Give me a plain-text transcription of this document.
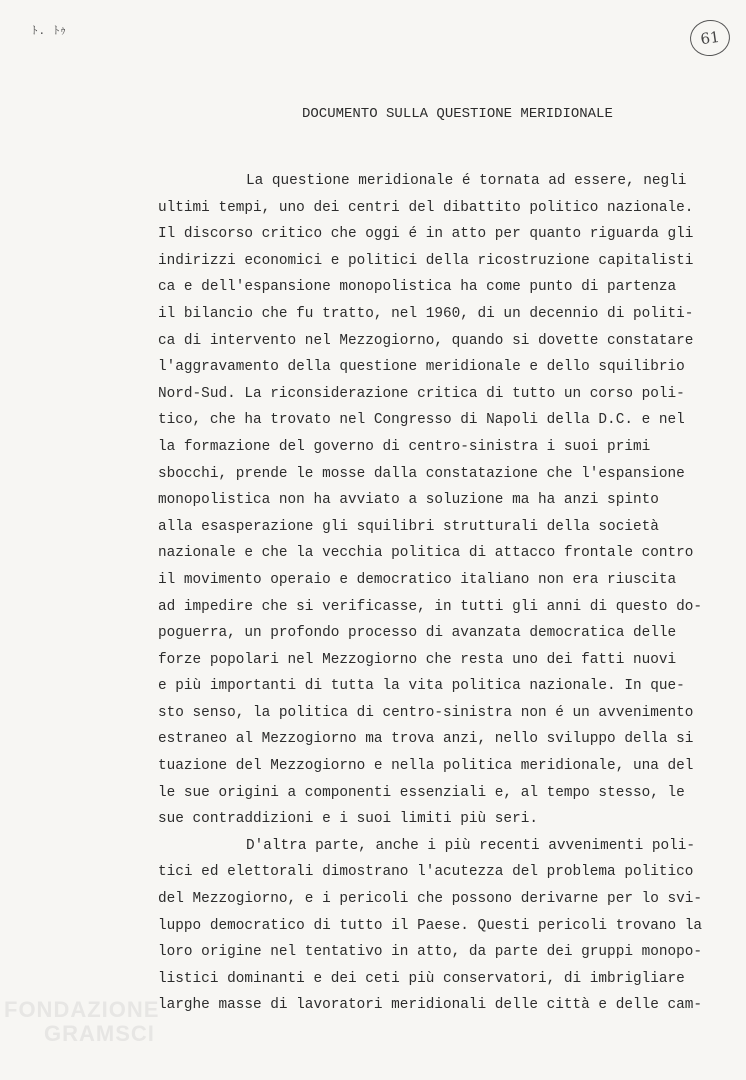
ﾄ. ﾄｩ	61
DOCUMENTO SULLA QUESTIONE MERIDIONALE
La questione meridionale é tornata ad essere, negli
ultimi tempi, uno dei centri del dibattito politico nazionale.
Il discorso critico che oggi é in atto per quanto riguarda gli
indirizzi economici e politici della ricostruzione capitalisti
ca e dell'espansione monopolistica ha come punto di partenza
il bilancio che fu tratto, nel 1960, di un decennio di politi-
ca di intervento nel Mezzogiorno, quando si dovette constatare
l'aggravamento della questione meridionale e dello squilibrio
Nord-Sud. La riconsiderazione critica di tutto un corso poli-
tico, che ha trovato nel Congresso di Napoli della D.C. e nel
la formazione del governo di centro-sinistra i suoi primi
sbocchi, prende le mosse dalla constatazione che l'espansione
monopolistica non ha avviato a soluzione ma ha anzi spinto
alla esasperazione gli squilibri strutturali della società
nazionale e che la vecchia politica di attacco frontale contro
il movimento operaio e democratico italiano non era riuscita
ad impedire che si verificasse, in tutti gli anni di questo do-
poguerra, un profondo processo di avanzata democratica delle
forze popolari nel Mezzogiorno che resta uno dei fatti nuovi
e più importanti di tutta la vita politica nazionale. In que-
sto senso, la politica di centro-sinistra non é un avvenimento
estraneo al Mezzogiorno ma trova anzi, nello sviluppo della si
tuazione del Mezzogiorno e nella politica meridionale, una del
le sue origini a componenti essenziali e, al tempo stesso, le
sue contraddizioni e i suoi limiti più seri.
D'altra parte, anche i più recenti avvenimenti poli-
tici ed elettorali dimostrano l'acutezza del problema politico
del Mezzogiorno, e i pericoli che possono derivarne per lo svi-
luppo democratico di tutto il Paese. Questi pericoli trovano la
loro origine nel tentativo in atto, da parte dei gruppi monopo-
listici dominanti e dei ceti più conservatori, di imbrigliare
larghe masse di lavoratori meridionali delle città e delle cam-
FONDAZIONE
GRAMSCI
